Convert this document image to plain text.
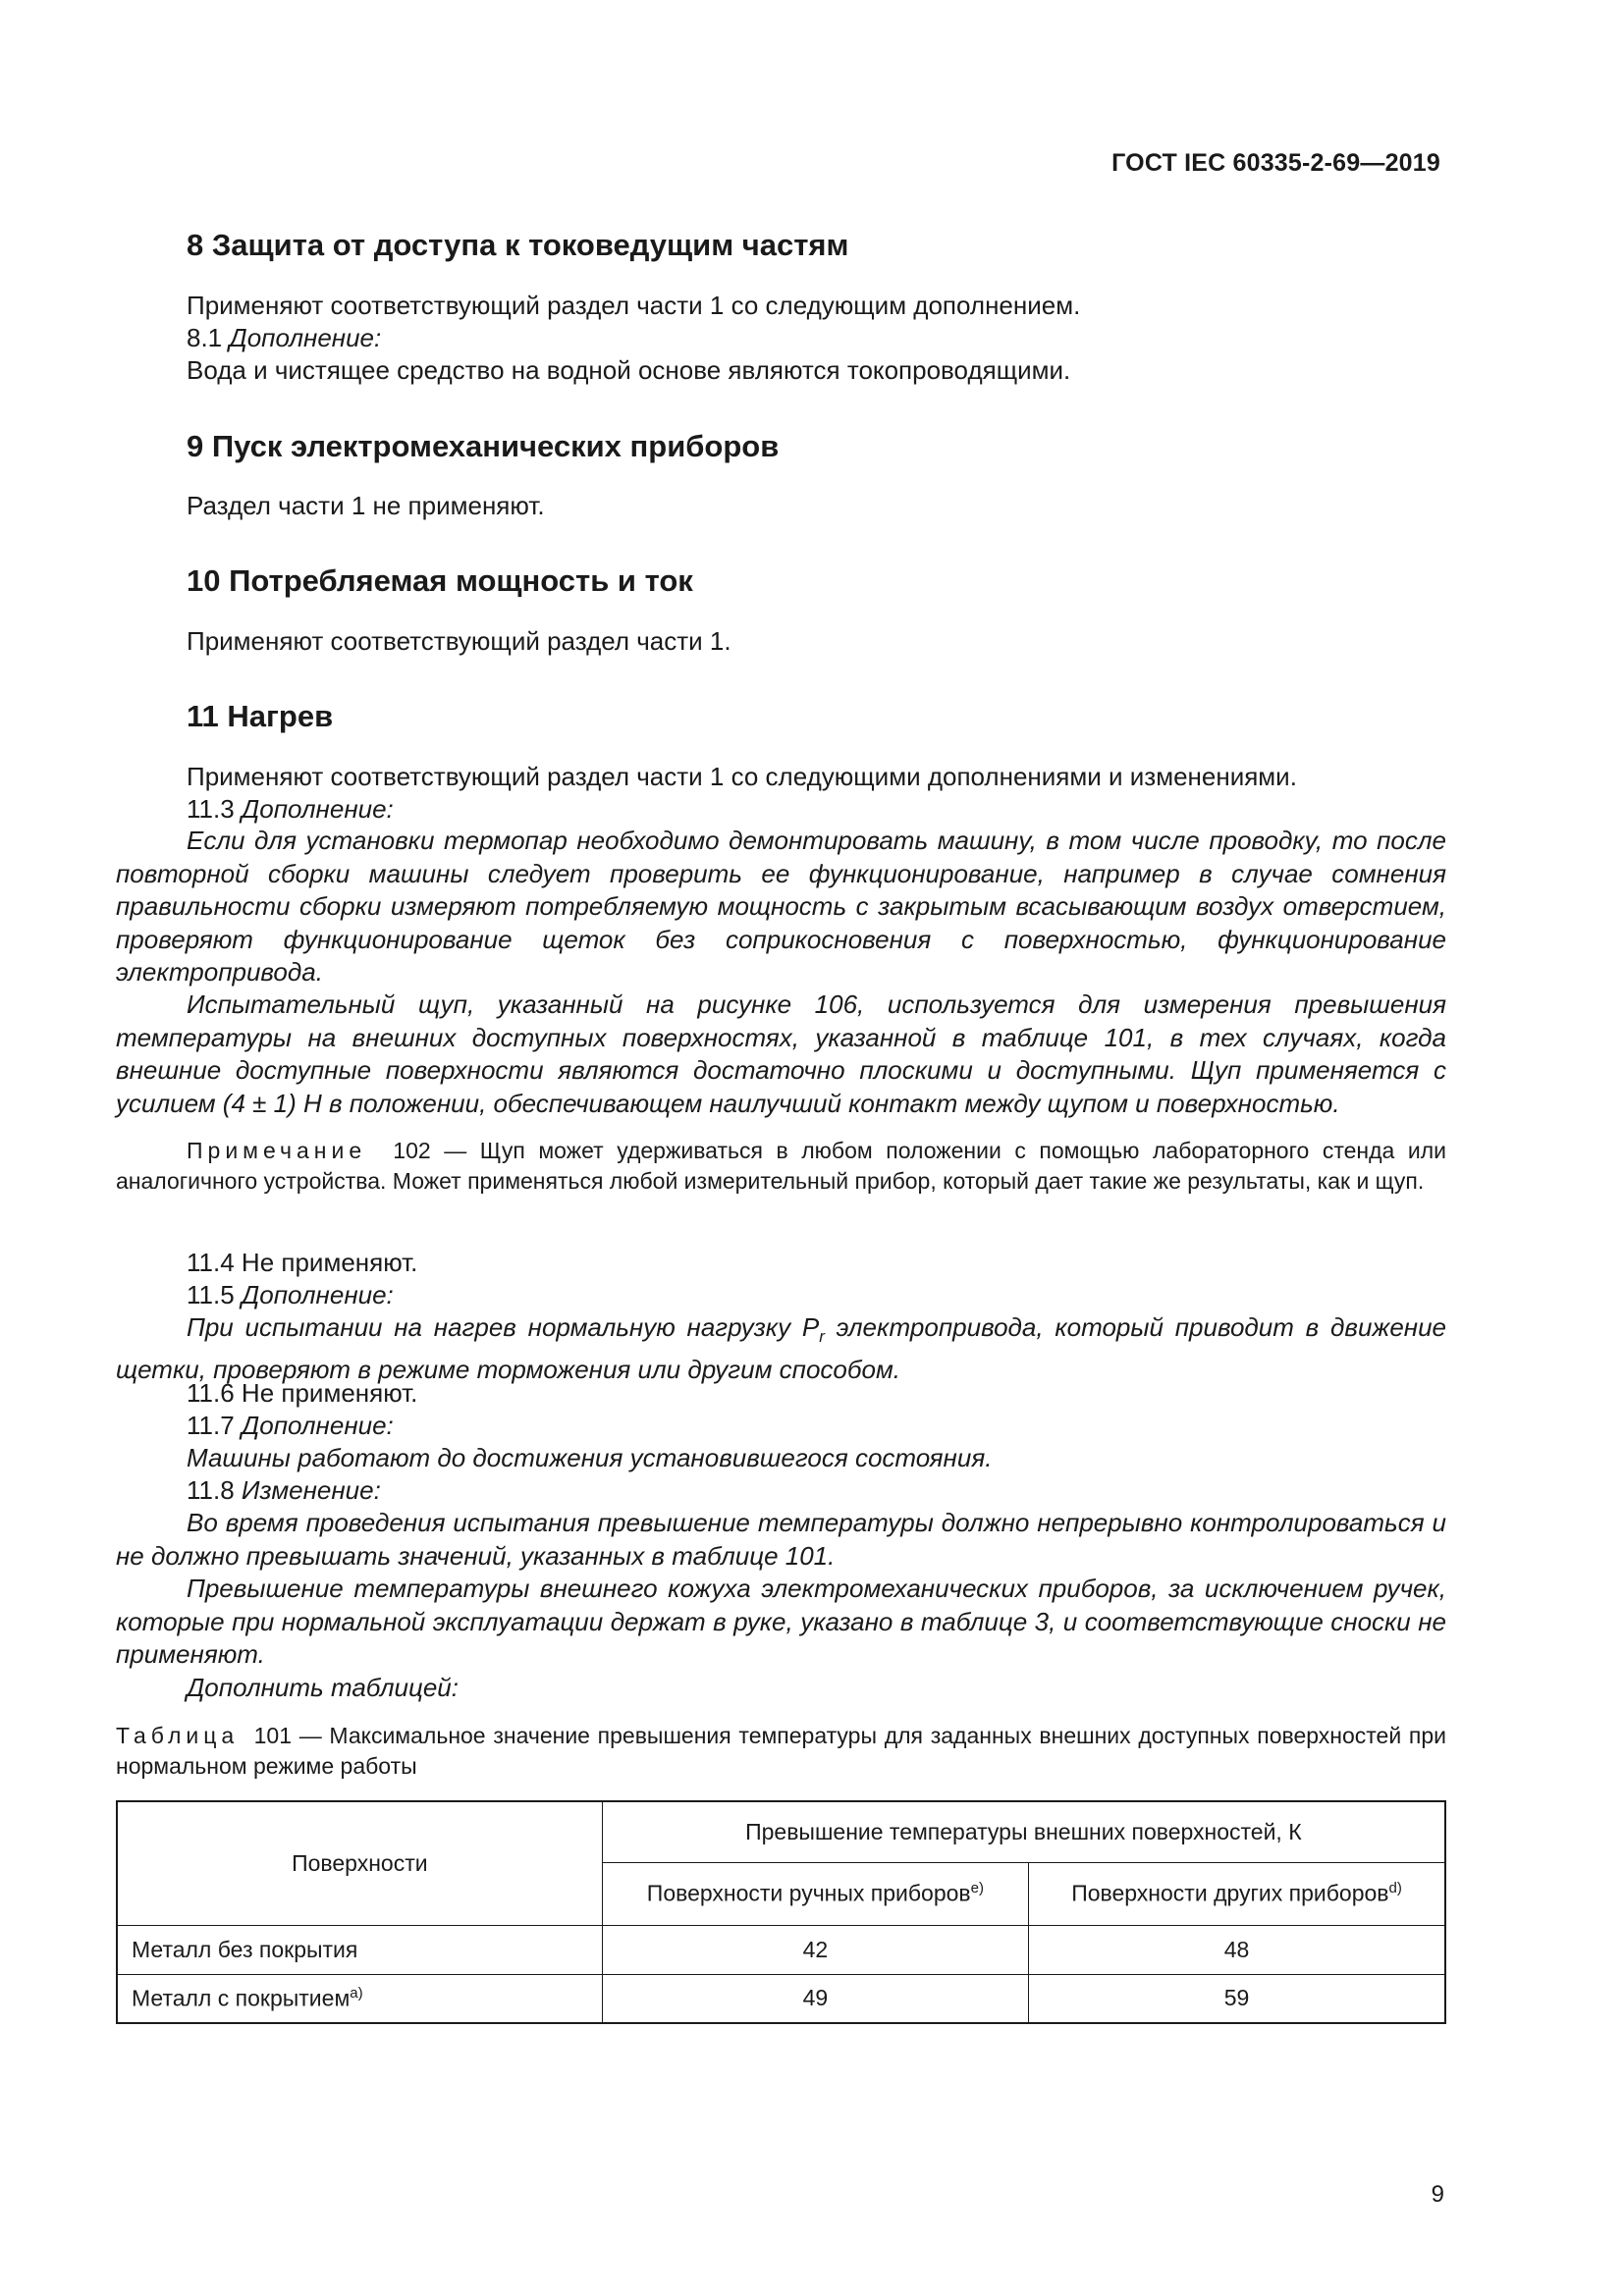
ГОСТ IEC 60335-2-69—2019
8 Защита от доступа к токоведущим частям
Применяют соответствующий раздел части 1 со следующим дополнением.
8.1 Дополнение:
Вода и чистящее средство на водной основе являются токопроводящими.
9 Пуск электромеханических приборов
Раздел части 1 не применяют.
10 Потребляемая мощность и ток
Применяют соответствующий раздел части 1.
11 Нагрев
Применяют соответствующий раздел части 1 со следующими дополнениями и изменениями.
11.3 Дополнение:

Если для установки термопар необходимо демонтировать машину, в том числе проводку, то после повторной сборки машины следует проверить ее функционирование, например в случае сомнения правильности сборки измеряют потребляемую мощность с закрытым всасывающим воздух отверстием, проверяют функционирование щеток без соприкосновения с поверхностью, функционирование электропривода.

Испытательный щуп, указанный на рисунке 106, используется для измерения превышения температуры на внешних доступных поверхностях, указанной в таблице 101, в тех случаях, когда внешние доступные поверхности являются достаточно плоскими и доступными. Щуп применяется с усилием (4 ± 1) Н в положении, обеспечивающем наилучший контакт между щупом и поверхностью.

Примечание 102 — Щуп может удерживаться в любом положении с помощью лабораторного стенда или аналогичного устройства. Может применяться любой измерительный прибор, который дает такие же результаты, как и щуп.

11.4 Не применяют.
11.5 Дополнение:

При испытании на нагрев нормальную нагрузку $P_r$ электропривода, который приводит в движение щетки, проверяют в режиме торможения или другим способом.

11.6 Не применяют.
11.7 Дополнение:
Машины работают до достижения установившегося состояния.
11.8 Изменение:

Во время проведения испытания превышение температуры должно непрерывно контролироваться и не должно превышать значений, указанных в таблице 101.

Превышение температуры внешнего кожуха электромеханических приборов, за исключением ручек, которые при нормальной эксплуатации держат в руке, указано в таблице 3, и соответствующие сноски не применяют.

Дополнить таблицей:

Таблица 101 — Максимальное значение превышения температуры для заданных внешних доступных поверхностей при нормальном режиме работы

Поверхности	Превышение температуры внешних поверхностей, К	
	Поверхности ручных приборов$^{e)}$	Поверхности других приборов$^{d)}$
Металл без покрытия	42	48
Металл с покрытием$^{a)}$	49	59
9
